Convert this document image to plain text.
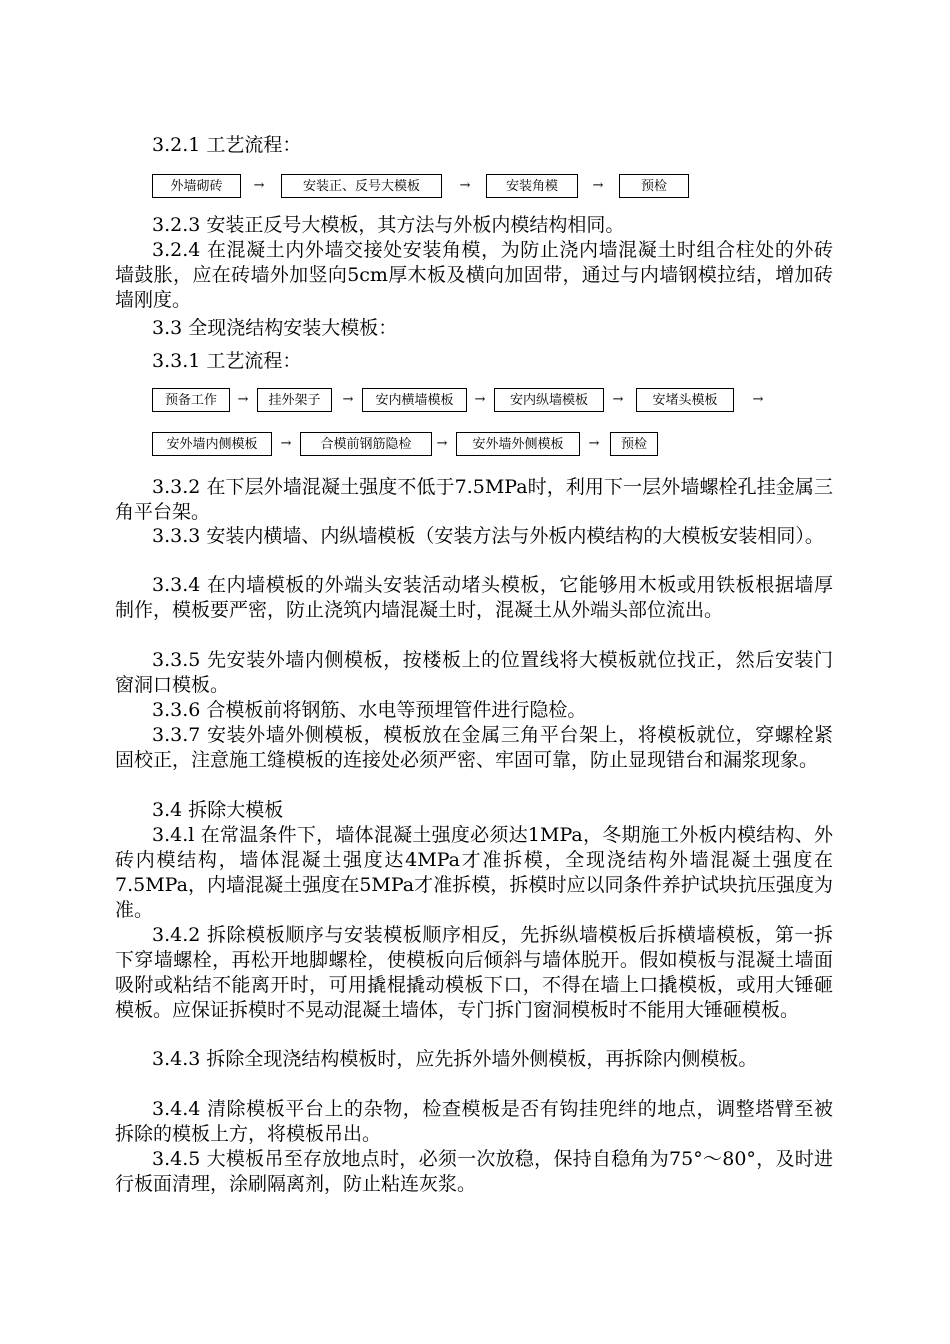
3.2.1 工艺流程：
外墙砌砖	→	安装正、反号大模板	→	安装角模	→	预检

3.2.3 安装正反号大模板，其方法与外板内模结构相同。

3.2.4 在混凝土内外墙交接处安装角模，为防止浇内墙混凝土时组合柱处的外砖墙鼓胀，应在砖墙外加竖向5cm厚木板及横向加固带，通过与内墙钢模拉结，增加砖墙刚度。

3.3 全现浇结构安装大模板：
3.3.1 工艺流程：
预备工作	→	挂外架子	→	安内横墙模板	→	安内纵墙模板	→	安堵头模板	→
安外墙内侧模板	→	合模前钢筋隐检	→	安外墙外侧模板	→	预检

3.3.2 在下层外墙混凝土强度不低于7.5MPa时，利用下一层外墙螺栓孔挂金属三角平台架。

3.3.3 安装内横墙、内纵墙模板（安装方法与外板内模结构的大模板安装相同）。

3.3.4 在内墙模板的外端头安装活动堵头模板，它能够用木板或用铁板根据墙厚制作，模板要严密，防止浇筑内墙混凝土时，混凝土从外端头部位流出。

3.3.5 先安装外墙内侧模板，按楼板上的位置线将大模板就位找正，然后安装门窗洞口模板。

3.3.6 合模板前将钢筋、水电等预埋管件进行隐检。

3.3.7 安装外墙外侧模板，模板放在金属三角平台架上，将模板就位，穿螺栓紧固校正，注意施工缝模板的连接处必须严密、牢固可靠，防止显现错台和漏浆现象。

3.4 拆除大模板

3.4.l 在常温条件下，墙体混凝土强度必须达1MPa，冬期施工外板内模结构、外砖内模结构，墙体混凝土强度达4MPa才准拆模，全现浇结构外墙混凝土强度在7.5MPa，内墙混凝土强度在5MPa才准拆模，拆模时应以同条件养护试块抗压强度为准。

3.4.2 拆除模板顺序与安装模板顺序相反，先拆纵墙模板后拆横墙模板，第一拆下穿墙螺栓，再松开地脚螺栓，使模板向后倾斜与墙体脱开。假如模板与混凝土墙面吸附或粘结不能离开时，可用撬棍撬动模板下口，不得在墙上口撬模板，或用大锤砸模板。应保证拆模时不晃动混凝土墙体，专门拆门窗洞模板时不能用大锤砸模板。

3.4.3 拆除全现浇结构模板时，应先拆外墙外侧模板，再拆除内侧模板。

3.4.4 清除模板平台上的杂物，检查模板是否有钩挂兜绊的地点，调整塔臂至被拆除的模板上方，将模板吊出。

3.4.5 大模板吊至存放地点时，必须一次放稳，保持自稳角为75°～80°，及时进行板面清理，涂刷隔离剂，防止粘连灰浆。
